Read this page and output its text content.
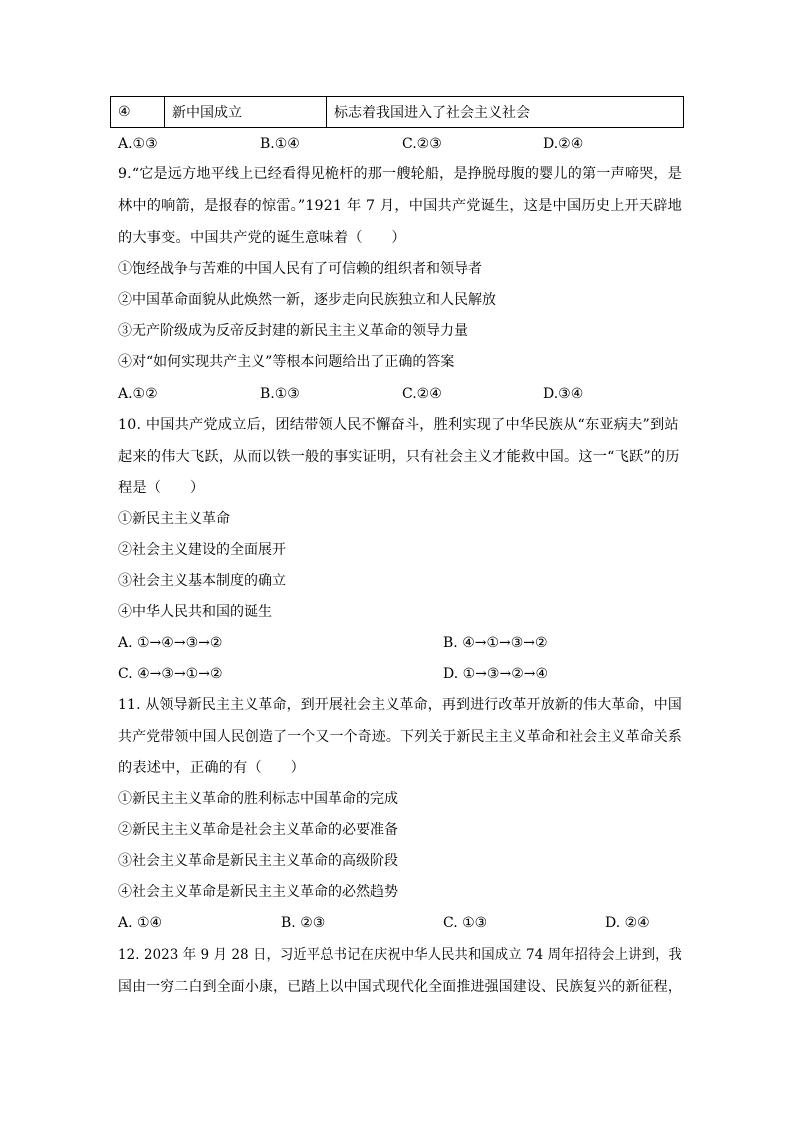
④	新中国成立	标志着我国进入了社会主义社会
A.①③	B.①④	C.②③	D.②④
9.“它是远方地平线上已经看得见桅杆的那一艘轮船，是挣脱母腹的婴儿的第一声啼哭，是
林中的响箭，是报春的惊雷。”1921 年 7 月，中国共产党诞生，这是中国历史上开天辟地
的大事变。中国共产党的诞生意味着（　　）
①饱经战争与苦难的中国人民有了可信赖的组织者和领导者
②中国革命面貌从此焕然一新，逐步走向民族独立和人民解放
③无产阶级成为反帝反封建的新民主主义革命的领导力量
④对“如何实现共产主义”等根本问题给出了正确的答案
A.①②	B.①③	C.②④	D.③④
10. 中国共产党成立后，团结带领人民不懈奋斗，胜利实现了中华民族从“东亚病夫”到站
起来的伟大飞跃，从而以铁一般的事实证明，只有社会主义才能救中国。这一“飞跃”的历
程是（　　）
①新民主主义革命
②社会主义建设的全面展开
③社会主义基本制度的确立
④中华人民共和国的诞生
A. ①→④→③→②	B. ④→①→③→②
C. ④→③→①→②	D. ①→③→②→④
11. 从领导新民主主义革命，到开展社会主义革命，再到进行改革开放新的伟大革命，中国
共产党带领中国人民创造了一个又一个奇迹。下列关于新民主主义革命和社会主义革命关系
的表述中，正确的有（　　）
①新民主主义革命的胜利标志中国革命的完成
②新民主主义革命是社会主义革命的必要准备
③社会主义革命是新民主主义革命的高级阶段
④社会主义革命是新民主主义革命的必然趋势
A. ①④	B. ②③	C. ①③	D. ②④
12. 2023 年 9 月 28 日，习近平总书记在庆祝中华人民共和国成立 74 周年招待会上讲到，我
国由一穷二白到全面小康，已踏上以中国式现代化全面推进强国建设、民族复兴的新征程，
